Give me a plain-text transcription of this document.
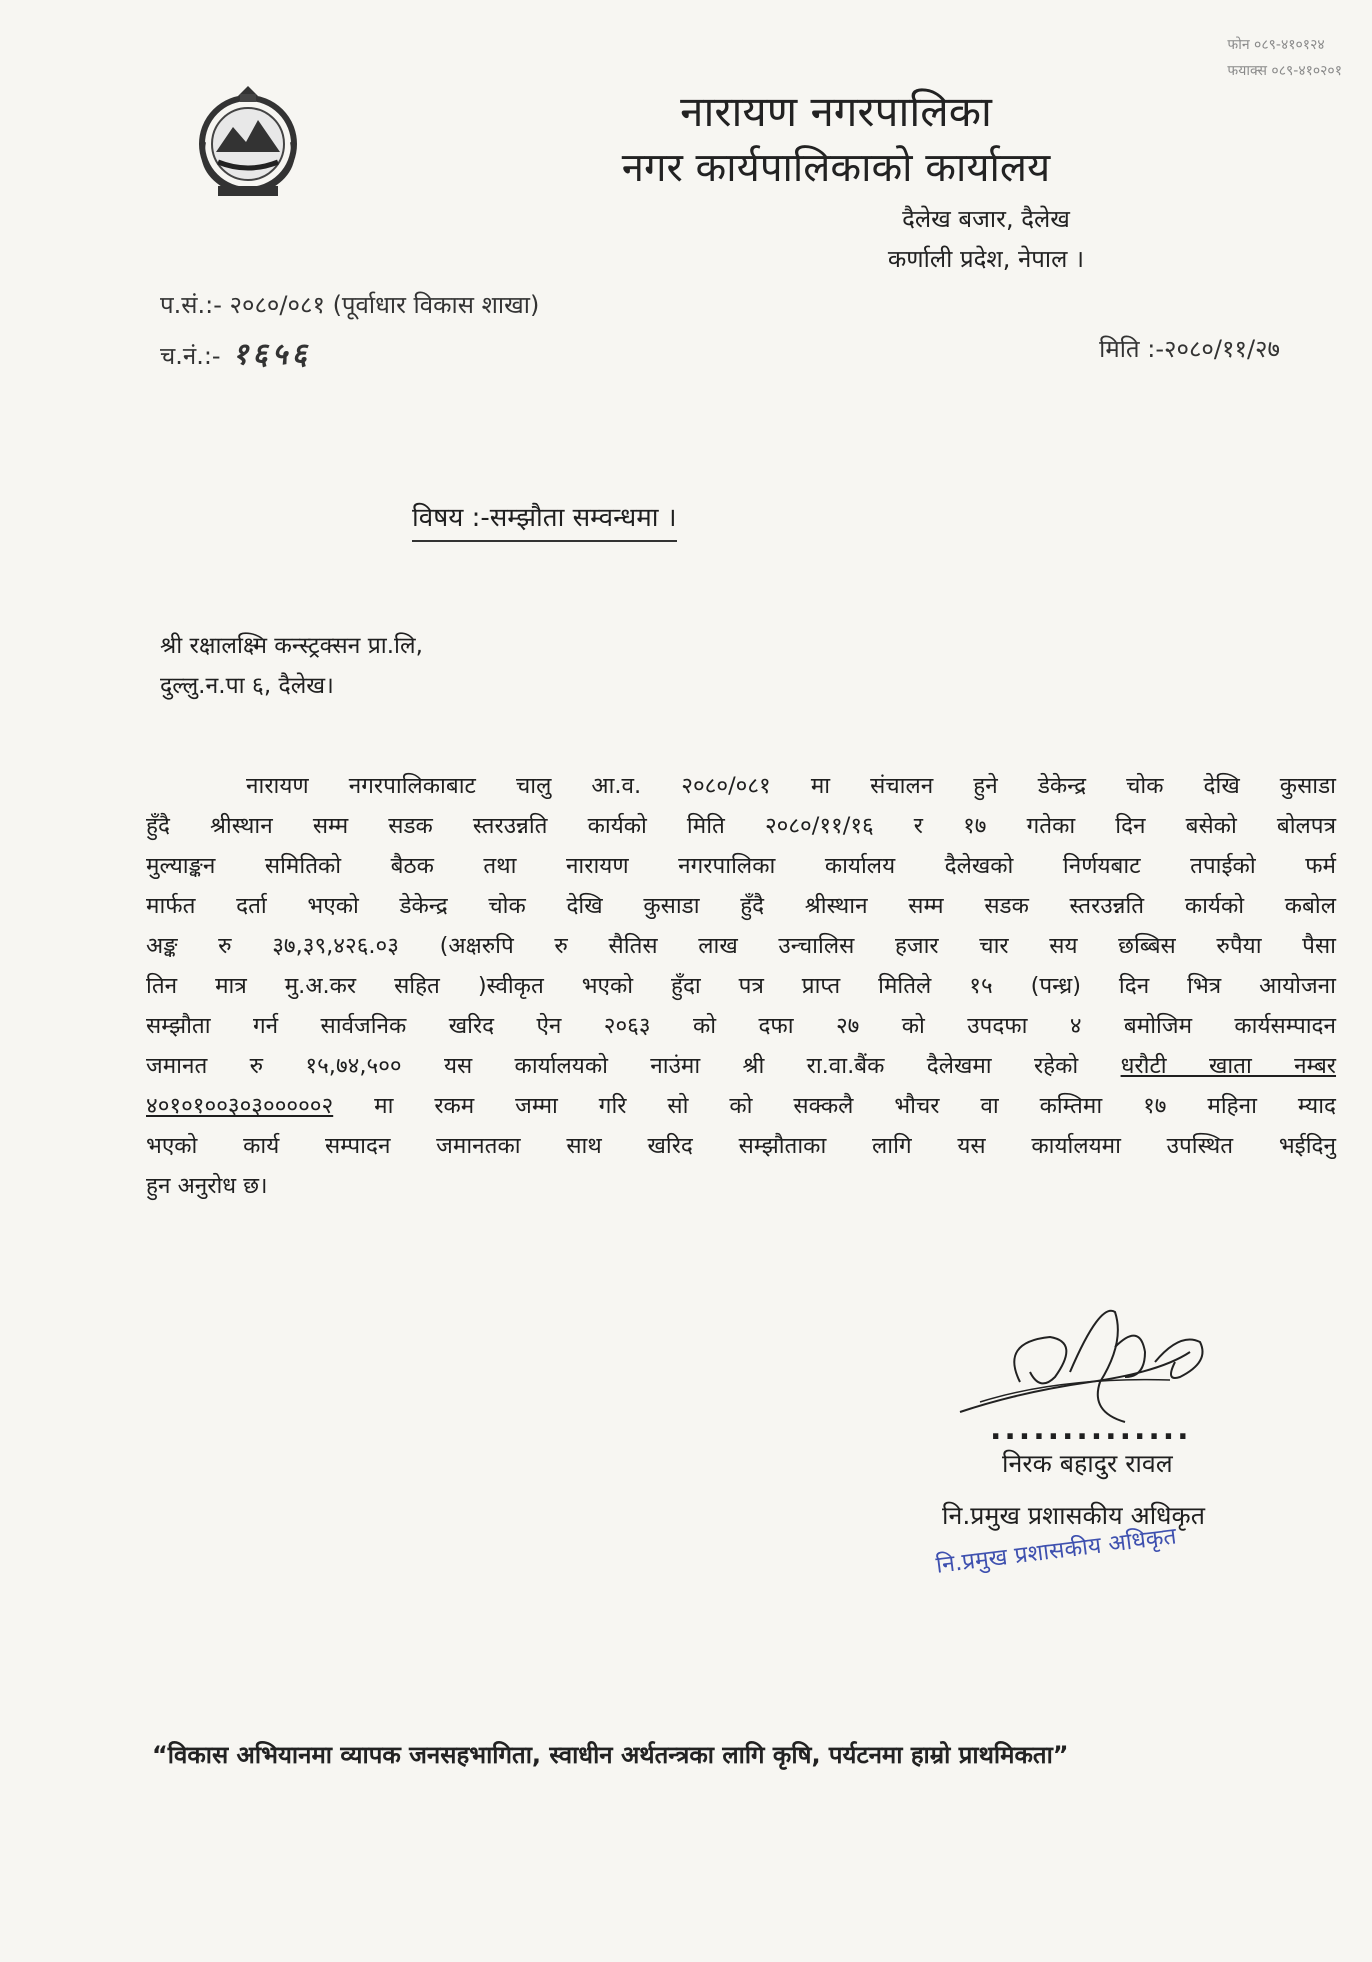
फोन ०८९-४१०१२४
फयाक्स ०८९-४१०२०१
नारायण नगरपालिका
नगर कार्यपालिकाको कार्यालय
दैलेख बजार, दैलेख
कर्णाली प्रदेश, नेपाल ।
प.सं.:- २०८०/०८१ (पूर्वाधार विकास शाखा)
च.नं.:- १६५६	मिति :-२०८०/११/२७
विषय :-सम्झौता सम्वन्धमा ।
श्री रक्षालक्ष्मि कन्स्ट्रक्सन प्रा.लि,
दुल्लु.न.पा ६, दैलेख।
नारायण नगरपालिकाबाट चालु आ.व. २०८०/०८१ मा संचालन हुने डेकेन्द्र चोक देखि कुसाडा
हुँदै श्रीस्थान सम्म सडक स्तरउन्नति कार्यको मिति २०८०/११/१६ र १७ गतेका दिन बसेको बोलपत्र
मुल्याङ्कन समितिको बैठक तथा नारायण नगरपालिका कार्यालय दैलेखको निर्णयबाट तपाईको फर्म
मार्फत दर्ता भएको डेकेन्द्र चोक देखि कुसाडा हुँदै श्रीस्थान सम्म सडक स्तरउन्नति कार्यको कबोल
अङ्क रु ३७,३९,४२६.०३ (अक्षरुपि रु सैतिस लाख उन्चालिस हजार चार सय छब्बिस रुपैया पैसा
तिन मात्र मु.अ.कर सहित )स्वीकृत भएको हुँदा पत्र प्राप्त मितिले १५ (पन्ध्र) दिन भित्र आयोजना
सम्झौता गर्न सार्वजनिक खरिद ऐन २०६३ को दफा २७ को उपदफा ४ बमोजिम कार्यसम्पादन
जमानत रु १५,७४,५०० यस कार्यालयको नाउंमा श्री रा.वा.बैंक दैलेखमा रहेको धरौटी खाता नम्बर
४०१०१००३०३०००००२ मा रकम जम्मा गरि सो को सक्कलै भौचर वा कम्तिमा १७ महिना म्याद
भएको कार्य सम्पादन जमानतका साथ खरिद सम्झौताका लागि यस कार्यालयमा उपस्थित भईदिनु
हुन अनुरोध छ।
..............
निरक बहादुर रावल
नि.प्रमुख प्रशासकीय अधिकृत
नि.प्रमुख प्रशासकीय अधिकृत
“विकास अभियानमा व्यापक जनसहभागिता, स्वाधीन अर्थतन्त्रका लागि कृषि, पर्यटनमा हाम्रो प्राथमिकता”
